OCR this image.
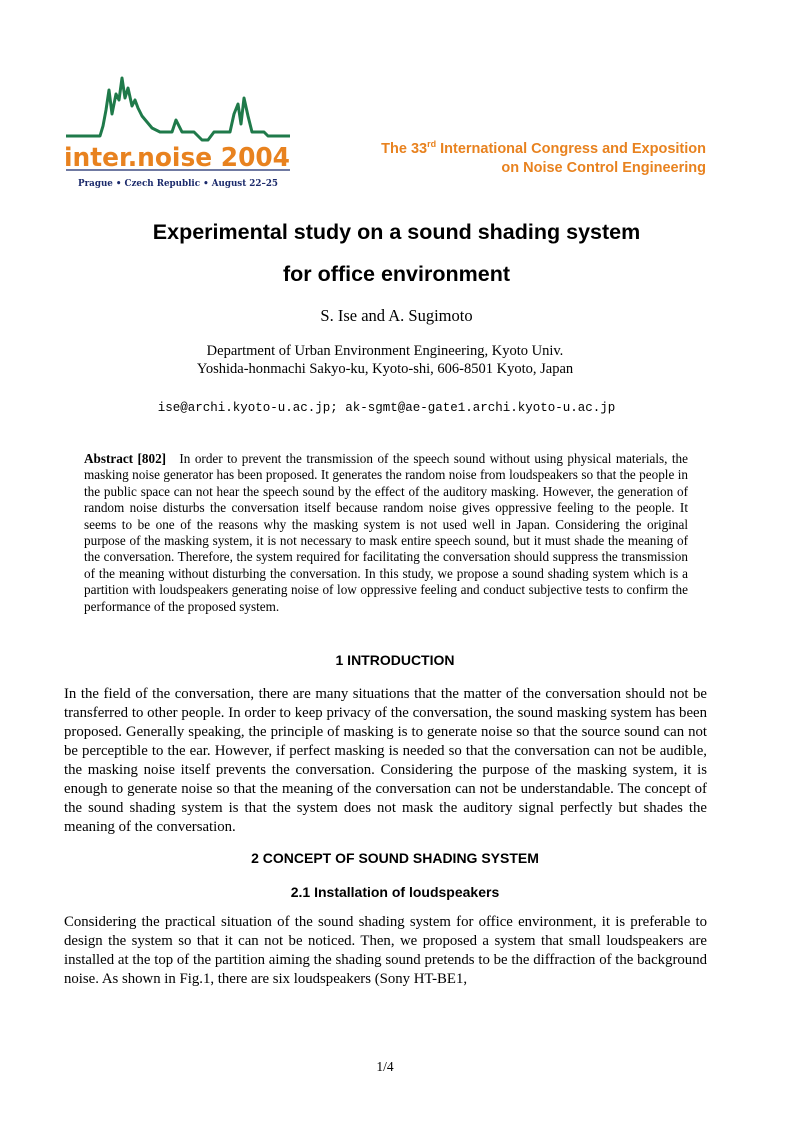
inter.noise 2004
Prague • Czech Republic • August 22–25
The 33rd International Congress and Exposition
on Noise Control Engineering
Experimental study on a sound shading system
for office environment
S. Ise and A. Sugimoto
Department of Urban Environment Engineering, Kyoto Univ.
Yoshida-honmachi Sakyo-ku, Kyoto-shi, 606-8501 Kyoto, Japan
ise@archi.kyoto-u.ac.jp; ak-sgmt@ae-gate1.archi.kyoto-u.ac.jp

Abstract [802] In order to prevent the transmission of the speech sound without using physical materials, the masking noise generator has been proposed. It generates the random noise from loudspeakers so that the people in the public space can not hear the speech sound by the effect of the auditory masking. However, the generation of random noise disturbs the conversation itself because random noise gives oppressive feeling to the people. It seems to be one of the reasons why the masking system is not used well in Japan. Considering the original purpose of the masking system, it is not necessary to mask entire speech sound, but it must shade the meaning of the conversation. Therefore, the system required for facilitating the conversation should suppress the transmission of the meaning without disturbing the conversation. In this study, we propose a sound shading system which is a partition with loudspeakers generating noise of low oppressive feeling and conduct subjective tests to confirm the performance of the proposed system.

1 INTRODUCTION

In the field of the conversation, there are many situations that the matter of the conversation should not be transferred to other people. In order to keep privacy of the conversation, the sound masking system has been proposed. Generally speaking, the principle of masking is to generate noise so that the source sound can not be perceptible to the ear. However, if perfect masking is needed so that the conversation can not be audible, the masking noise itself prevents the conversation. Considering the purpose of the masking system, it is enough to generate noise so that the meaning of the conversation can not be understandable. The concept of the sound shading system is that the system does not mask the auditory signal perfectly but shades the meaning of the conversation.

2 CONCEPT OF SOUND SHADING SYSTEM
2.1 Installation of loudspeakers

Considering the practical situation of the sound shading system for office environment, it is preferable to design the system so that it can not be noticed. Then, we proposed a system that small loudspeakers are installed at the top of the partition aiming the shading sound pretends to be the diffraction of the background noise. As shown in Fig.1, there are six loudspeakers (Sony HT-BE1,

1/4
